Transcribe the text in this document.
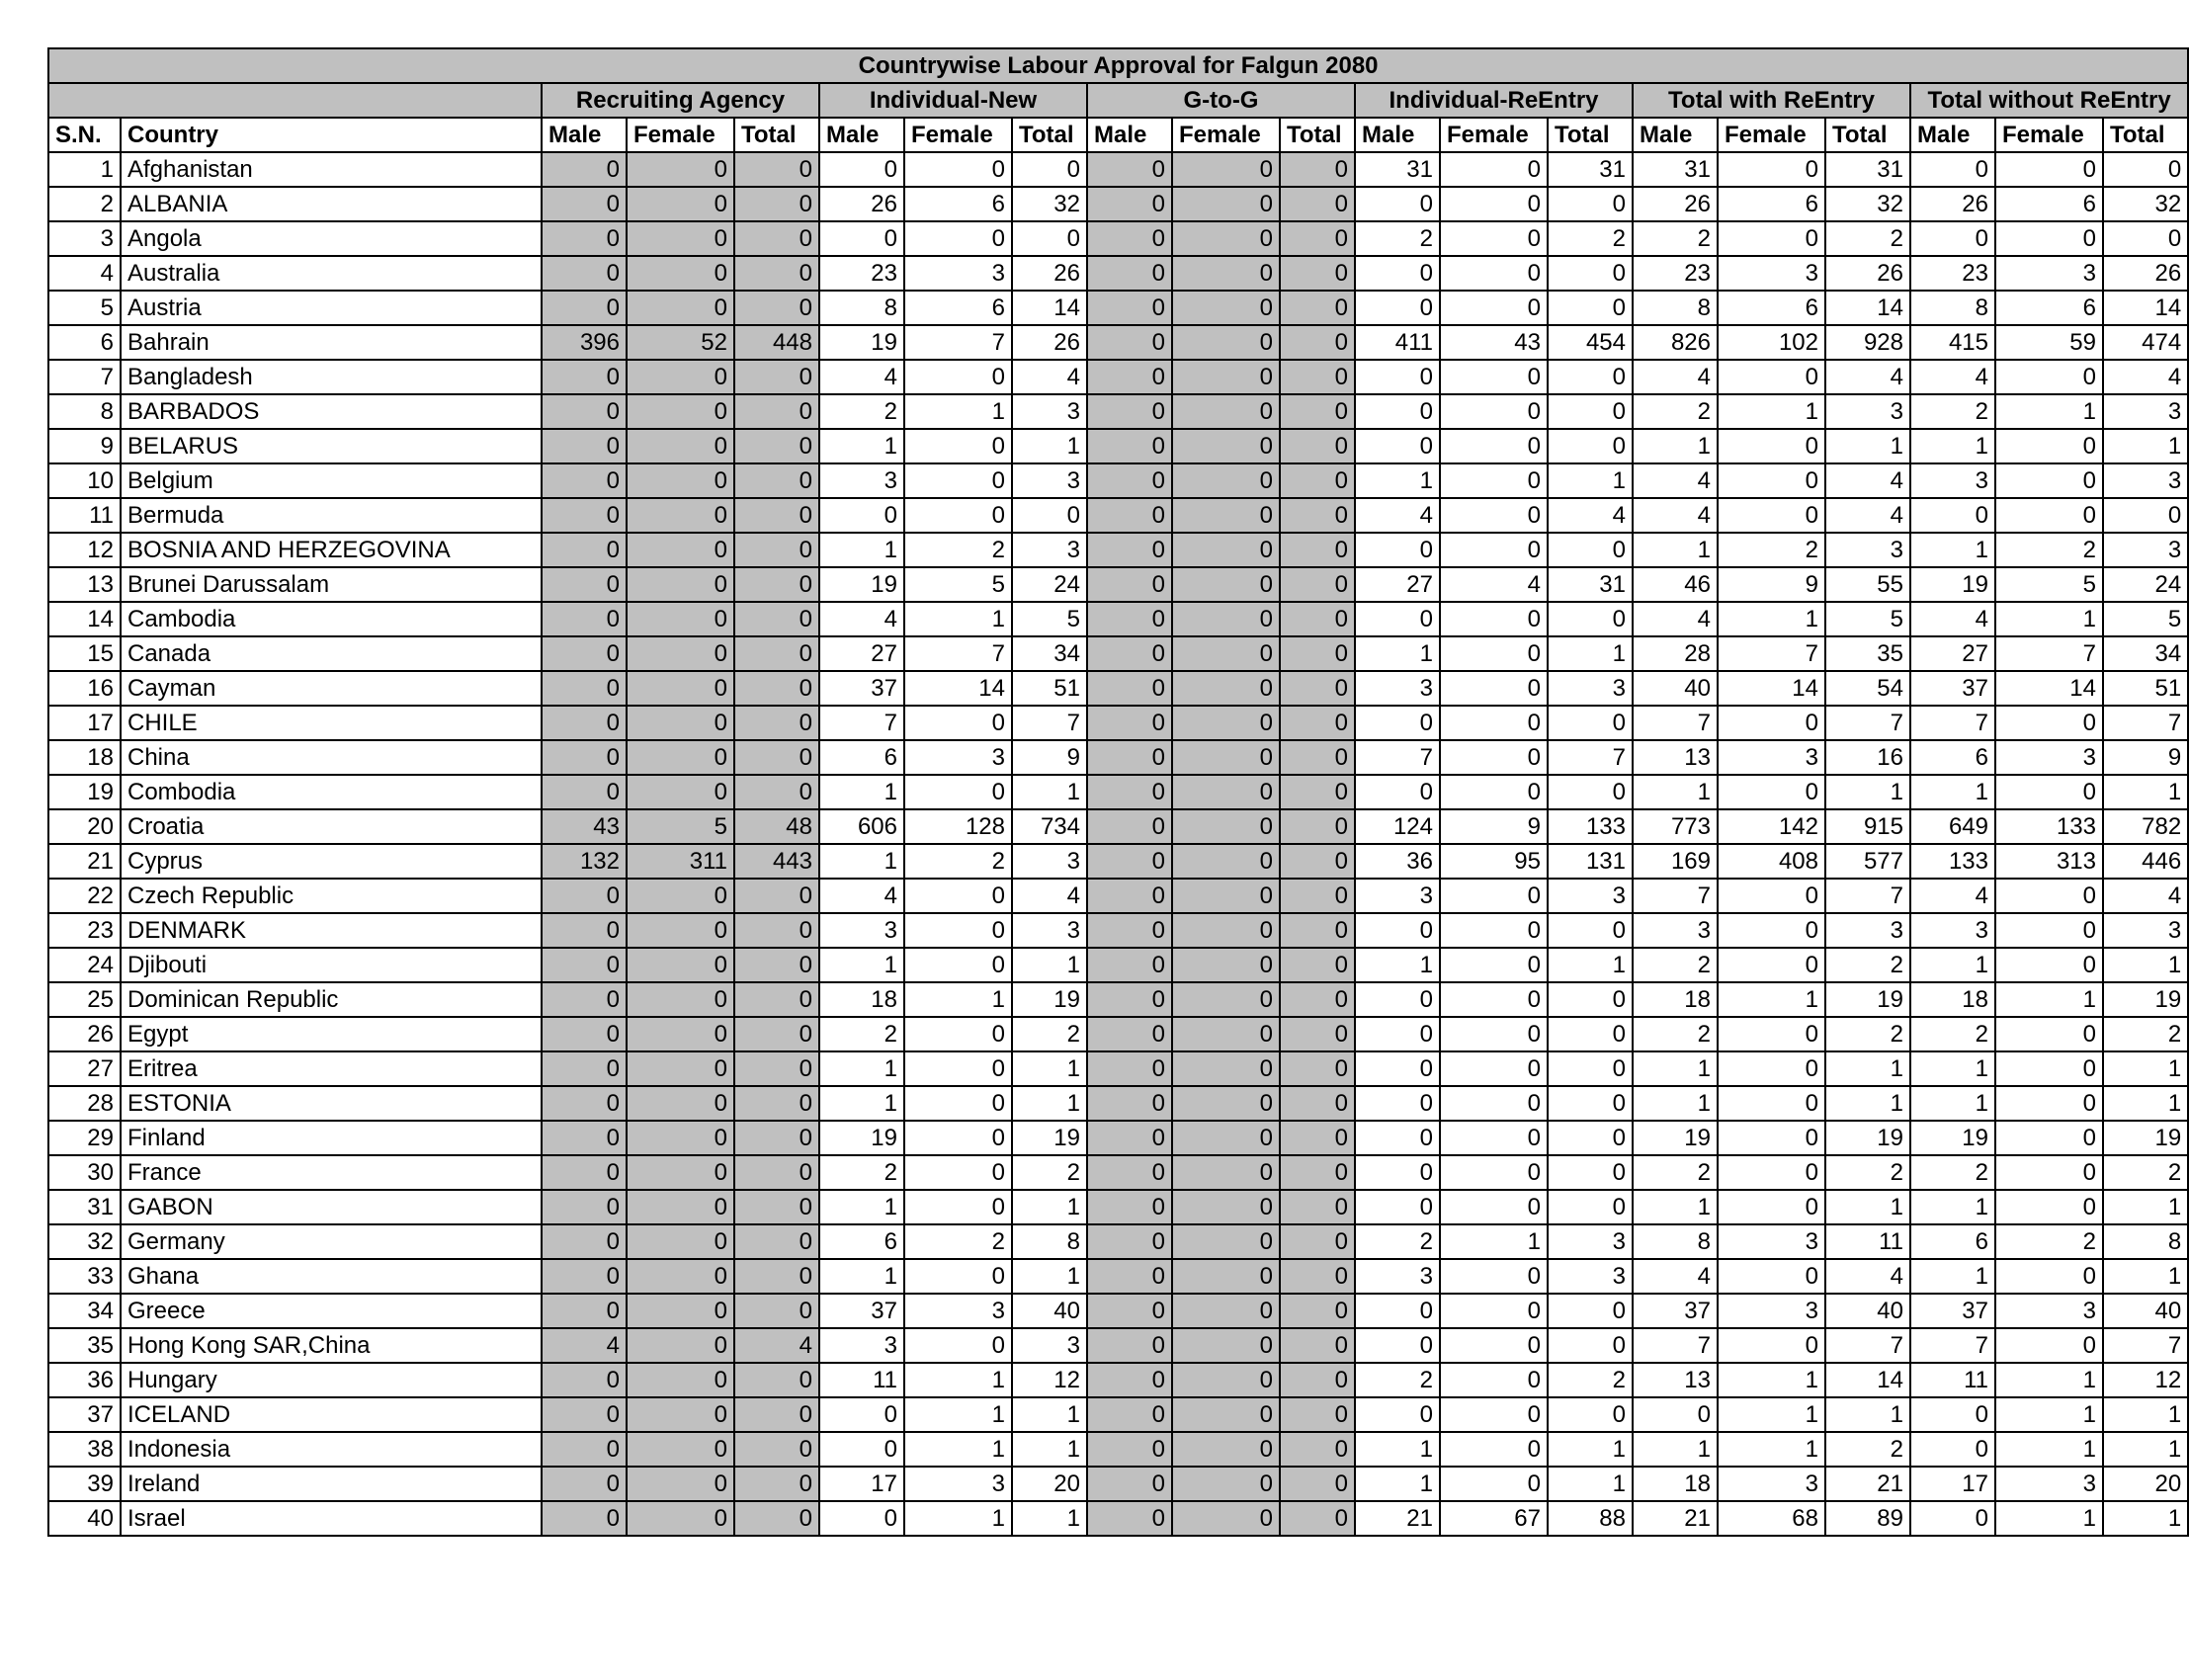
Countrywise Labour Approval for Falgun 2080																			
		Recruiting Agency			Individual-New			G-to-G			Individual-ReEntry			Total with ReEntry			Total without ReEntry		
S.N.	Country	Male	Female	Total	Male	Female	Total	Male	Female	Total	Male	Female	Total	Male	Female	Total	Male	Female	Total
1	Afghanistan	0	0	0	0	0	0	0	0	0	31	0	31	31	0	31	0	0	0
2	ALBANIA	0	0	0	26	6	32	0	0	0	0	0	0	26	6	32	26	6	32
3	Angola	0	0	0	0	0	0	0	0	0	2	0	2	2	0	2	0	0	0
4	Australia	0	0	0	23	3	26	0	0	0	0	0	0	23	3	26	23	3	26
5	Austria	0	0	0	8	6	14	0	0	0	0	0	0	8	6	14	8	6	14
6	Bahrain	396	52	448	19	7	26	0	0	0	411	43	454	826	102	928	415	59	474
7	Bangladesh	0	0	0	4	0	4	0	0	0	0	0	0	4	0	4	4	0	4
8	BARBADOS	0	0	0	2	1	3	0	0	0	0	0	0	2	1	3	2	1	3
9	BELARUS	0	0	0	1	0	1	0	0	0	0	0	0	1	0	1	1	0	1
10	Belgium	0	0	0	3	0	3	0	0	0	1	0	1	4	0	4	3	0	3
11	Bermuda	0	0	0	0	0	0	0	0	0	4	0	4	4	0	4	0	0	0
12	BOSNIA AND HERZEGOVINA	0	0	0	1	2	3	0	0	0	0	0	0	1	2	3	1	2	3
13	Brunei Darussalam	0	0	0	19	5	24	0	0	0	27	4	31	46	9	55	19	5	24
14	Cambodia	0	0	0	4	1	5	0	0	0	0	0	0	4	1	5	4	1	5
15	Canada	0	0	0	27	7	34	0	0	0	1	0	1	28	7	35	27	7	34
16	Cayman	0	0	0	37	14	51	0	0	0	3	0	3	40	14	54	37	14	51
17	CHILE	0	0	0	7	0	7	0	0	0	0	0	0	7	0	7	7	0	7
18	China	0	0	0	6	3	9	0	0	0	7	0	7	13	3	16	6	3	9
19	Combodia	0	0	0	1	0	1	0	0	0	0	0	0	1	0	1	1	0	1
20	Croatia	43	5	48	606	128	734	0	0	0	124	9	133	773	142	915	649	133	782
21	Cyprus	132	311	443	1	2	3	0	0	0	36	95	131	169	408	577	133	313	446
22	Czech Republic	0	0	0	4	0	4	0	0	0	3	0	3	7	0	7	4	0	4
23	DENMARK	0	0	0	3	0	3	0	0	0	0	0	0	3	0	3	3	0	3
24	Djibouti	0	0	0	1	0	1	0	0	0	1	0	1	2	0	2	1	0	1
25	Dominican Republic	0	0	0	18	1	19	0	0	0	0	0	0	18	1	19	18	1	19
26	Egypt	0	0	0	2	0	2	0	0	0	0	0	0	2	0	2	2	0	2
27	Eritrea	0	0	0	1	0	1	0	0	0	0	0	0	1	0	1	1	0	1
28	ESTONIA	0	0	0	1	0	1	0	0	0	0	0	0	1	0	1	1	0	1
29	Finland	0	0	0	19	0	19	0	0	0	0	0	0	19	0	19	19	0	19
30	France	0	0	0	2	0	2	0	0	0	0	0	0	2	0	2	2	0	2
31	GABON	0	0	0	1	0	1	0	0	0	0	0	0	1	0	1	1	0	1
32	Germany	0	0	0	6	2	8	0	0	0	2	1	3	8	3	11	6	2	8
33	Ghana	0	0	0	1	0	1	0	0	0	3	0	3	4	0	4	1	0	1
34	Greece	0	0	0	37	3	40	0	0	0	0	0	0	37	3	40	37	3	40
35	Hong Kong SAR,China	4	0	4	3	0	3	0	0	0	0	0	0	7	0	7	7	0	7
36	Hungary	0	0	0	11	1	12	0	0	0	2	0	2	13	1	14	11	1	12
37	ICELAND	0	0	0	0	1	1	0	0	0	0	0	0	0	1	1	0	1	1
38	Indonesia	0	0	0	0	1	1	0	0	0	1	0	1	1	1	2	0	1	1
39	Ireland	0	0	0	17	3	20	0	0	0	1	0	1	18	3	21	17	3	20
40	Israel	0	0	0	0	1	1	0	0	0	21	67	88	21	68	89	0	1	1
